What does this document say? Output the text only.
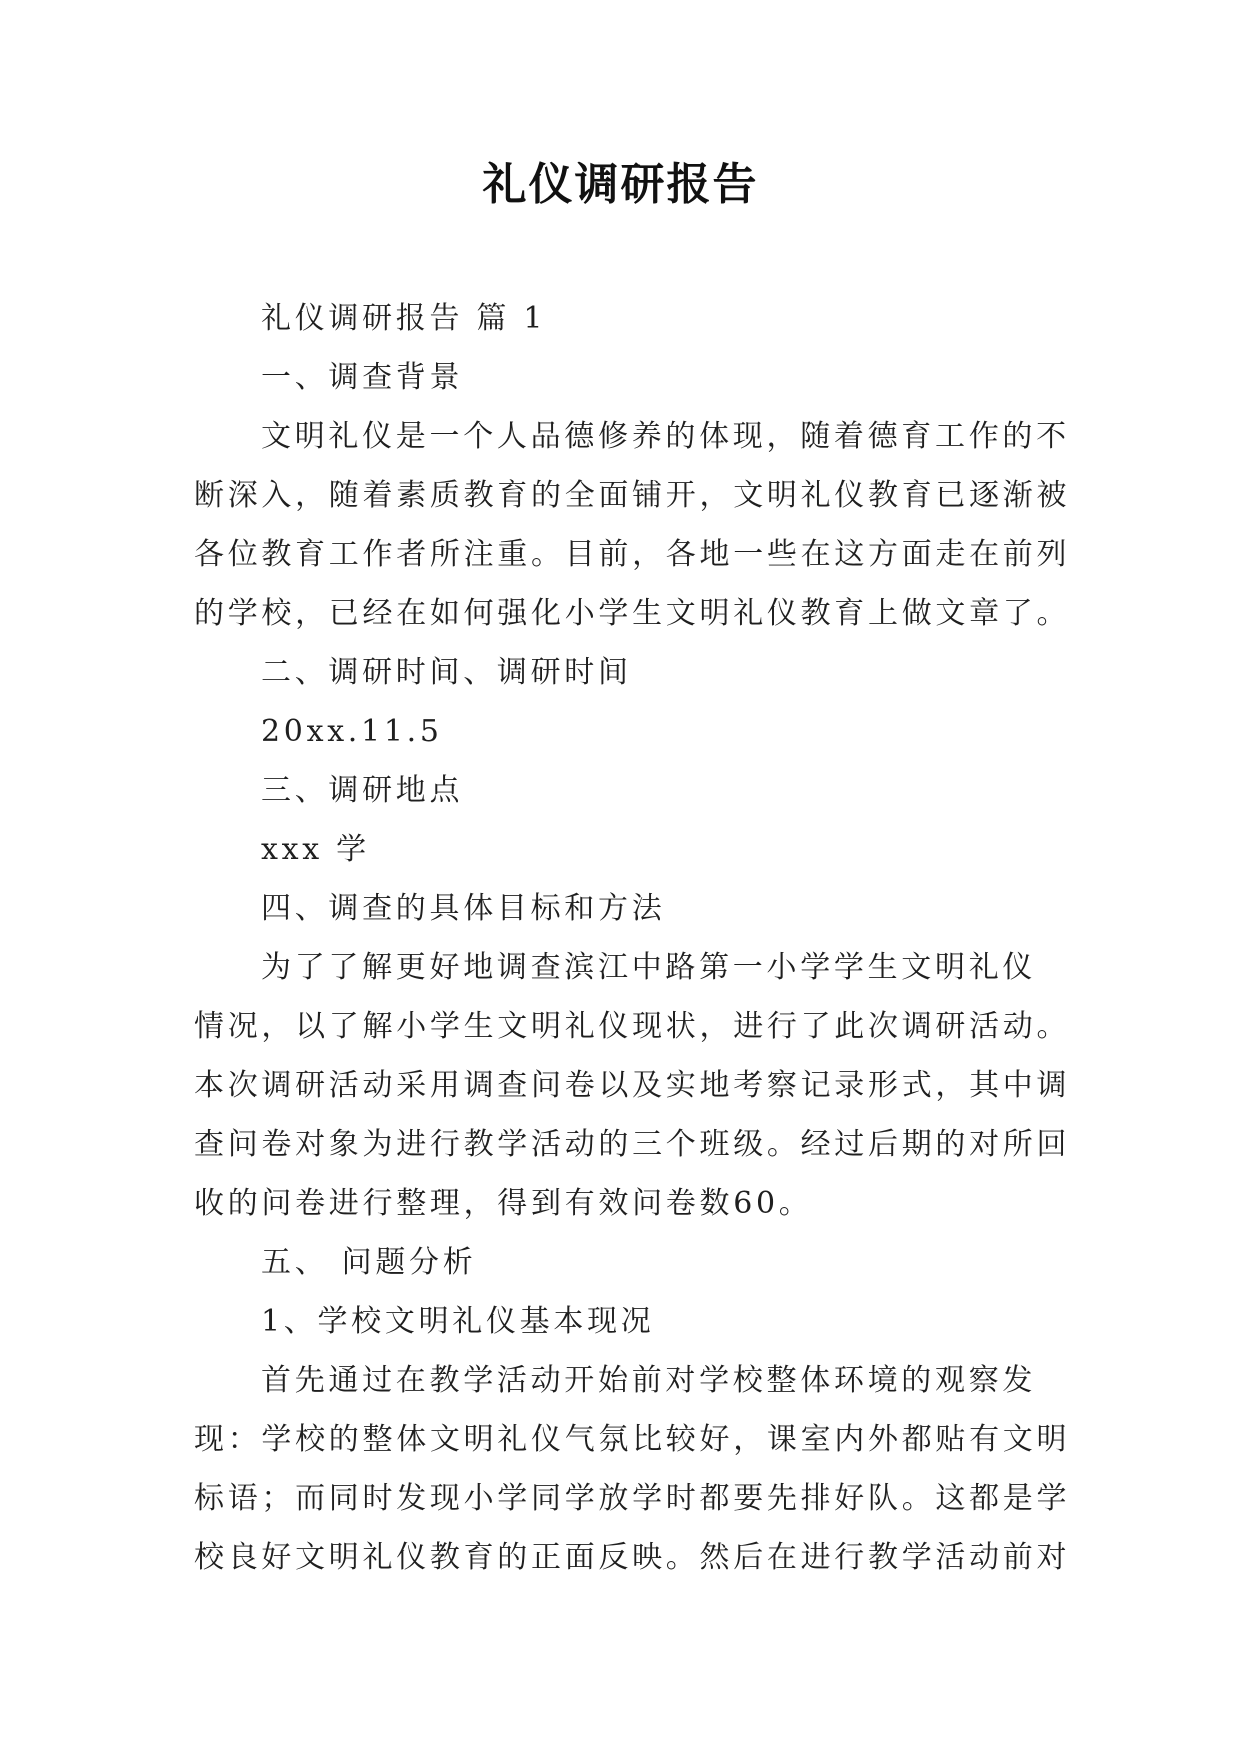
礼仪调研报告
礼仪调研报告 篇 1
一、调查背景
文明礼仪是一个人品德修养的体现，随着德育工作的不
断深入，随着素质教育的全面铺开，文明礼仪教育已逐渐被
各位教育工作者所注重。目前，各地一些在这方面走在前列
的学校，已经在如何强化小学生文明礼仪教育上做文章了。
二、调研时间、调研时间
20xx.11.5
三、调研地点
xxx 学
四、调查的具体目标和方法
为了了解更好地调查滨江中路第一小学学生文明礼仪
情况，以了解小学生文明礼仪现状，进行了此次调研活动。
本次调研活动采用调查问卷以及实地考察记录形式，其中调
查问卷对象为进行教学活动的三个班级。经过后期的对所回
收的问卷进行整理，得到有效问卷数60。
五、 问题分析
1、学校文明礼仪基本现况
首先通过在教学活动开始前对学校整体环境的观察发
现：学校的整体文明礼仪气氛比较好，课室内外都贴有文明
标语；而同时发现小学同学放学时都要先排好队。这都是学
校良好文明礼仪教育的正面反映。然后在进行教学活动前对
